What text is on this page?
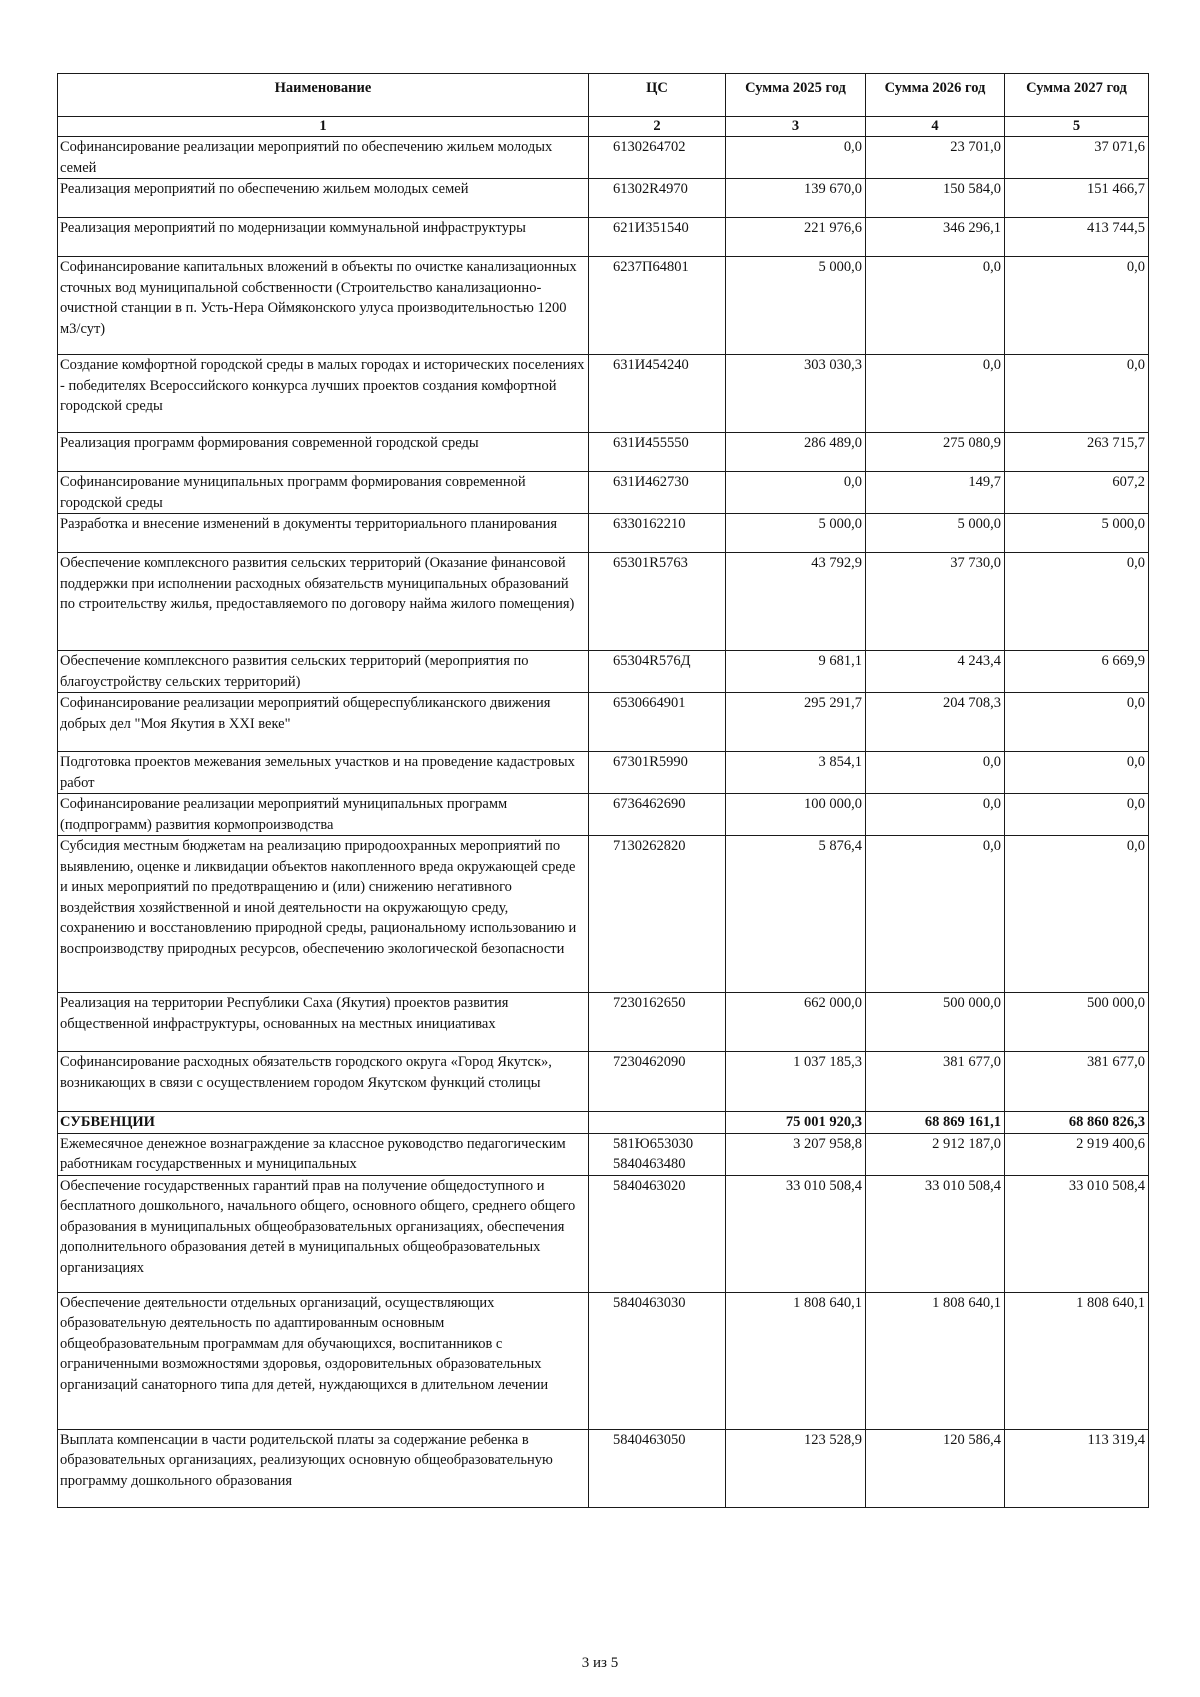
Наименование	ЦС	Сумма 2025 год	Сумма 2026 год	Сумма 2027 год
1	2	3	4	5
Софинансирование реализации мероприятий по обеспечению жильем молодых семей	6130264702	0,0	23 701,0	37 071,6
Реализация мероприятий по обеспечению жильем молодых семей	61302R4970	139 670,0	150 584,0	151 466,7
Реализация мероприятий по модернизации коммунальной инфраструктуры	621И351540	221 976,6	346 296,1	413 744,5
Софинансирование капитальных вложений в объекты по очистке канализационных сточных вод муниципальной собственности (Строительство канализационно-очистной станции в п. Усть-Нера Оймяконского улуса производительностью 1200 м3/сут)	6237П64801	5 000,0	0,0	0,0
Создание комфортной городской среды в малых городах и исторических поселениях - победителях Всероссийского конкурса лучших проектов создания комфортной городской среды	631И454240	303 030,3	0,0	0,0
Реализация программ формирования современной городской среды	631И455550	286 489,0	275 080,9	263 715,7
Софинансирование муниципальных программ формирования современной городской среды	631И462730	0,0	149,7	607,2
Разработка и внесение изменений в документы территориального планирования	6330162210	5 000,0	5 000,0	5 000,0
Обеспечение комплексного развития сельских территорий (Оказание финансовой поддержки при исполнении расходных обязательств муниципальных образований по строительству жилья, предоставляемого по договору найма жилого помещения)	65301R5763	43 792,9	37 730,0	0,0
Обеспечение комплексного развития сельских территорий (мероприятия по благоустройству сельских территорий)	65304R576Д	9 681,1	4 243,4	6 669,9
Софинансирование реализации мероприятий общереспубликанского движения добрых дел "Моя Якутия в XXI веке"	6530664901	295 291,7	204 708,3	0,0
Подготовка проектов межевания земельных участков и на проведение кадастровых работ	67301R5990	3 854,1	0,0	0,0
Софинансирование реализации мероприятий муниципальных программ (подпрограмм) развития кормопроизводства	6736462690	100 000,0	0,0	0,0
Субсидия местным бюджетам на реализацию природоохранных мероприятий по выявлению, оценке и ликвидации объектов накопленного вреда окружающей среде и иных мероприятий по предотвращению и (или) снижению негативного воздействия хозяйственной и иной деятельности на окружающую среду, сохранению и восстановлению природной среды, рациональному использованию и воспроизводству природных ресурсов, обеспечению экологической безопасности	7130262820	5 876,4	0,0	0,0
Реализация на территории Республики Саха (Якутия) проектов развития общественной инфраструктуры, основанных на местных инициативах	7230162650	662 000,0	500 000,0	500 000,0
Софинансирование расходных обязательств городского округа «Город Якутск», возникающих в связи с осуществлением городом Якутском функций столицы	7230462090	1 037 185,3	381 677,0	381 677,0
СУБВЕНЦИИ		75 001 920,3	68 869 161,1	68 860 826,3
Ежемесячное денежное вознаграждение за классное руководство педагогическим работникам государственных и муниципальных	581Ю653030 5840463480	3 207 958,8	2 912 187,0	2 919 400,6
Обеспечение государственных гарантий прав на получение общедоступного и бесплатного дошкольного, начального общего, основного общего, среднего общего образования в муниципальных общеобразовательных организациях, обеспечения дополнительного образования детей в муниципальных общеобразовательных организациях	5840463020	33 010 508,4	33 010 508,4	33 010 508,4
Обеспечение деятельности отдельных организаций, осуществляющих образовательную деятельность по адаптированным основным общеобразовательным программам для обучающихся, воспитанников с ограниченными возможностями здоровья, оздоровительных образовательных организаций санаторного типа для детей, нуждающихся в длительном лечении	5840463030	1 808 640,1	1 808 640,1	1 808 640,1
Выплата компенсации в части родительской платы за содержание ребенка в образовательных организациях, реализующих основную общеобразовательную программу дошкольного образования	5840463050	123 528,9	120 586,4	113 319,4
3 из 5
